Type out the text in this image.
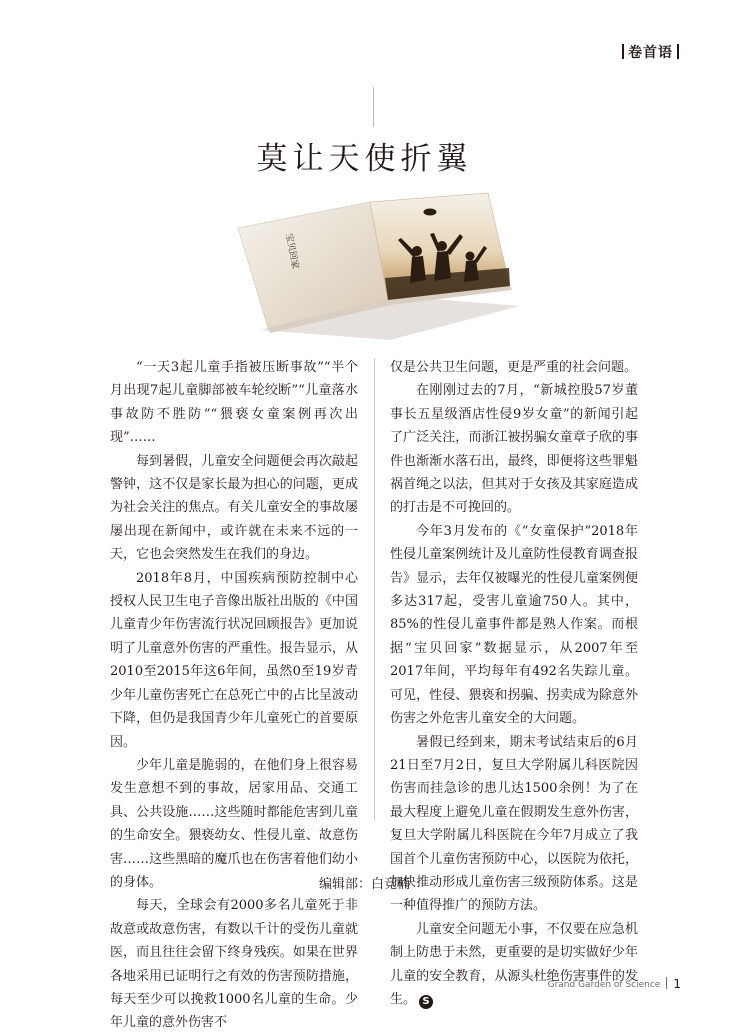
卷首语
莫让天使折翼
宝贝回家

“一天3起儿童手指被压断事故”“半个月出现7起儿童脚部被车轮绞断”“儿童落水事故防不胜防”“猥亵女童案例再次出现”……

每到暑假，儿童安全问题便会再次敲起警钟，这不仅是家长最为担心的问题，更成为社会关注的焦点。有关儿童安全的事故屡屡出现在新闻中，或许就在未来不远的一天，它也会突然发生在我们的身边。

2018年8月，中国疾病预防控制中心授权人民卫生电子音像出版社出版的《中国儿童青少年伤害流行状况回顾报告》更加说明了儿童意外伤害的严重性。报告显示，从2010至2015年这6年间，虽然0至19岁青少年儿童伤害死亡在总死亡中的占比呈波动下降，但仍是我国青少年儿童死亡的首要原因。

少年儿童是脆弱的，在他们身上很容易发生意想不到的事故，居家用品、交通工具、公共设施……这些随时都能危害到儿童的生命安全。猥亵幼女、性侵儿童、故意伤害……这些黑暗的魔爪也在伤害着他们幼小的身体。

每天，全球会有2000多名儿童死于非故意或故意伤害，有数以千计的受伤儿童就医，而且往往会留下终身残疾。如果在世界各地采用已证明行之有效的伤害预防措施，每天至少可以挽救1000名儿童的生命。少年儿童的意外伤害不

仅是公共卫生问题，更是严重的社会问题。

在刚刚过去的7月，“新城控股57岁董事长五星级酒店性侵9岁女童”的新闻引起了广泛关注，而浙江被拐骗女童章子欣的事件也渐渐水落石出，最终，即便将这些罪魁祸首绳之以法，但其对于女孩及其家庭造成的打击是不可挽回的。

今年3月发布的《“女童保护”2018年性侵儿童案例统计及儿童防性侵教育调查报告》显示，去年仅被曝光的性侵儿童案例便多达317起，受害儿童逾750人。其中，85%的性侵儿童事件都是熟人作案。而根据“宝贝回家”数据显示，从2007年至2017年间，平均每年有492名失踪儿童。可见，性侵、猥亵和拐骗、拐卖成为除意外伤害之外危害儿童安全的大问题。

暑假已经到来，期末考试结束后的6月21日至7月2日，复旦大学附属儿科医院因伤害而挂急诊的患儿达1500余例！为了在最大程度上避免儿童在假期发生意外伤害，复旦大学附属儿科医院在今年7月成立了我国首个儿童伤害预防中心，以医院为依托，加快推动形成儿童伤害三级预防体系。这是一种值得推广的预防方法。

儿童安全问题无小事，不仅要在应急机制上防患于未然，更重要的是切实做好少年儿童的安全教育，从源头杜绝伤害事件的发生。 S

编辑部：白竞楠
Grand Garden of Science 1
